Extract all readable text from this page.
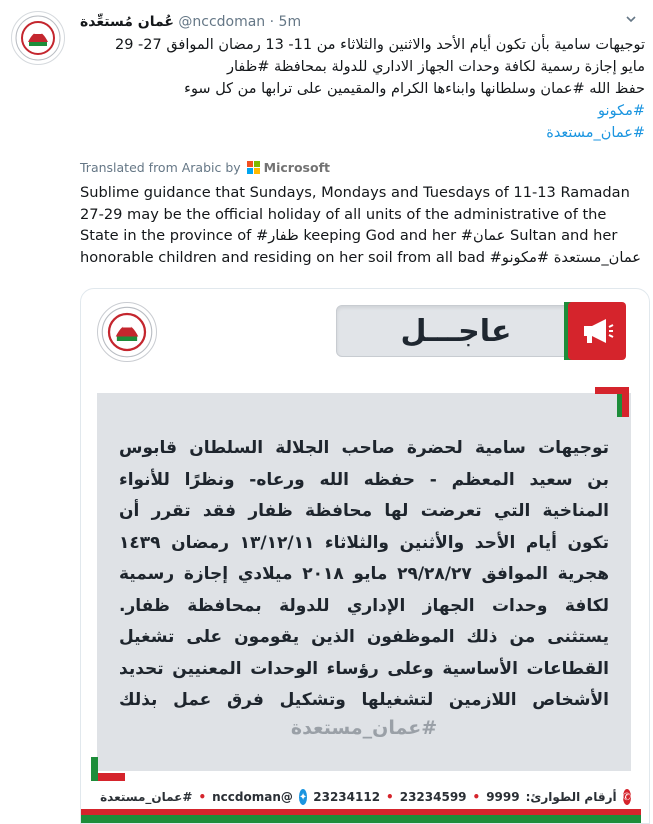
عُمان مُستعِّدة @nccdoman · 5m
توجيهات سامية بأن تكون أيام الأحد والاثنين والثلاثاء من 11- 13 رمضان الموافق 27- 29
مايو إجازة رسمية لكافة وحدات الجهاز الاداري للدولة بمحافظة #ظفار
حفظ الله #عمان وسلطانها وابناءها الكرام والمقيمين على ترابها من كل سوء
#مكونو
#عمان_مستعدة
Translated from Arabic by Microsoft
Sublime guidance that Sundays, Mondays and Tuesdays of 11-13 Ramadan 27-29 may be the official holiday of all units of the administrative of the State in the province of #ظفار keeping God and her #عمان Sultan and her honorable children and residing on her soil from all bad #عمان_مستعدة #مكونو
عاجـــل
توجيهات سامية لحضرة صاحب الجلالة السلطان قابوس
بن سعيد المعظم - حفظه الله ورعاه- ونظرًا للأنواء
المناخية التي تعرضت لها محافظة ظفار فقد تقرر أن
تكون أيام الأحد والأثنين والثلاثاء ١٣/١٢/١١ رمضان ١٤٣٩
هجرية الموافق ٢٩/٢٨/٢٧ مايو ٢٠١٨ ميلادي إجازة رسمية
لكافة وحدات الجهاز الإداري للدولة بمحافظة ظفار.
يستثنى من ذلك الموظفون الذين يقومون على تشغيل
القطاعات الأساسية وعلى رؤساء الوحدات المعنيين تحديد
الأشخاص اللازمين لتشغيلها وتشكيل فرق عمل بذلك
#عمان_مستعدة
✆
أرقام الطوارئ:
9999
•
23234599
•
23234112
✦
@nccdoman
•
#عمان_مستعدة
